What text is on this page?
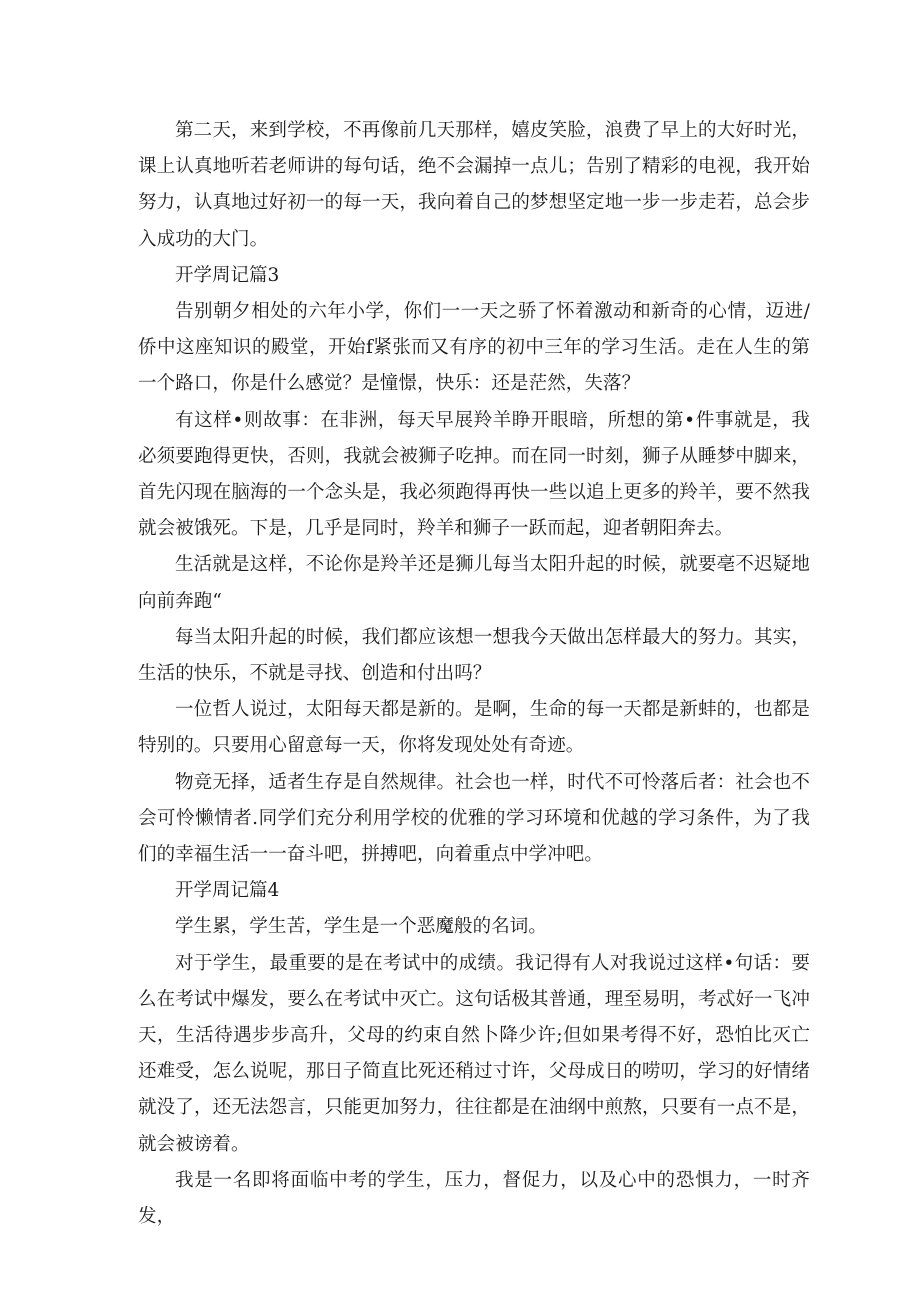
第二天，来到学校，不再像前几天那样，嬉皮笑脸，浪费了早上的大好时光，课上认真地听若老师讲的每句话，绝不会漏掉一点儿；告别了精彩的电视，我开始努力，认真地过好初一的每一天，我向着自己的梦想坚定地一步一步走若，总会步入成功的大门。

开学周记篇3

告别朝夕相处的六年小学，你们一一天之骄了怀着激动和新奇的心情，迈进/侨中这座知识的殿堂，开始f紧张而又有序的初中三年的学习生活。走在人生的第一个路口，你是什么感觉？是憧憬，快乐：还是茫然，失落？

有这样•则故事：在非洲，每天早展羚羊睁开眼暗，所想的第•件事就是，我必须要跑得更快，否则，我就会被狮子吃抻。而在同一时刻，狮子从睡梦中脚来，首先闪现在脑海的一个念头是，我必须跑得再快一些以追上更多的羚羊，要不然我就会被饿死。下是，几乎是同时，羚羊和狮子一跃而起，迎者朝阳奔去。

生活就是这样，不论你是羚羊还是狮儿每当太阳升起的时候，就要亳不迟疑地向前奔跑“

每当太阳升起的时候，我们都应该想一想我今天做出怎样最大的努力。其实，生活的快乐，不就是寻找、创造和付出吗？

一位哲人说过，太阳每天都是新的。是啊，生命的每一天都是新蚌的，也都是特别的。只要用心留意每一天，你将发现处处有奇迹。

物竞无择，适者生存是自然规律。社会也一样，时代不可怜落后者：社会也不会可怜懒情者.同学们充分利用学校的优雅的学习环境和优越的学习条件，为了我们的幸福生活一一奋斗吧，拼搏吧，向着重点中学冲吧。

开学周记篇4

学生累，学生苦，学生是一个恶魔般的名词。

对于学生，最重要的是在考试中的成绩。我记得有人对我说过这样•句话：要么在考试中爆发，要么在考试中灭亡。这句话极其普通，理至易明，考忒好一飞冲天，生活待遇步步高升，父母的约束自然卜降少许;但如果考得不好，恐怕比灭亡还难受，怎么说呢，那日子简直比死还稍过寸许，父母成日的唠叨，学习的好情绪就没了，还无法怨言，只能更加努力，往往都是在油纲中煎熬，只要有一点不是，就会被谤着。

我是一名即将面临中考的学生，压力，督促力，以及心中的恐惧力，一时齐发，
